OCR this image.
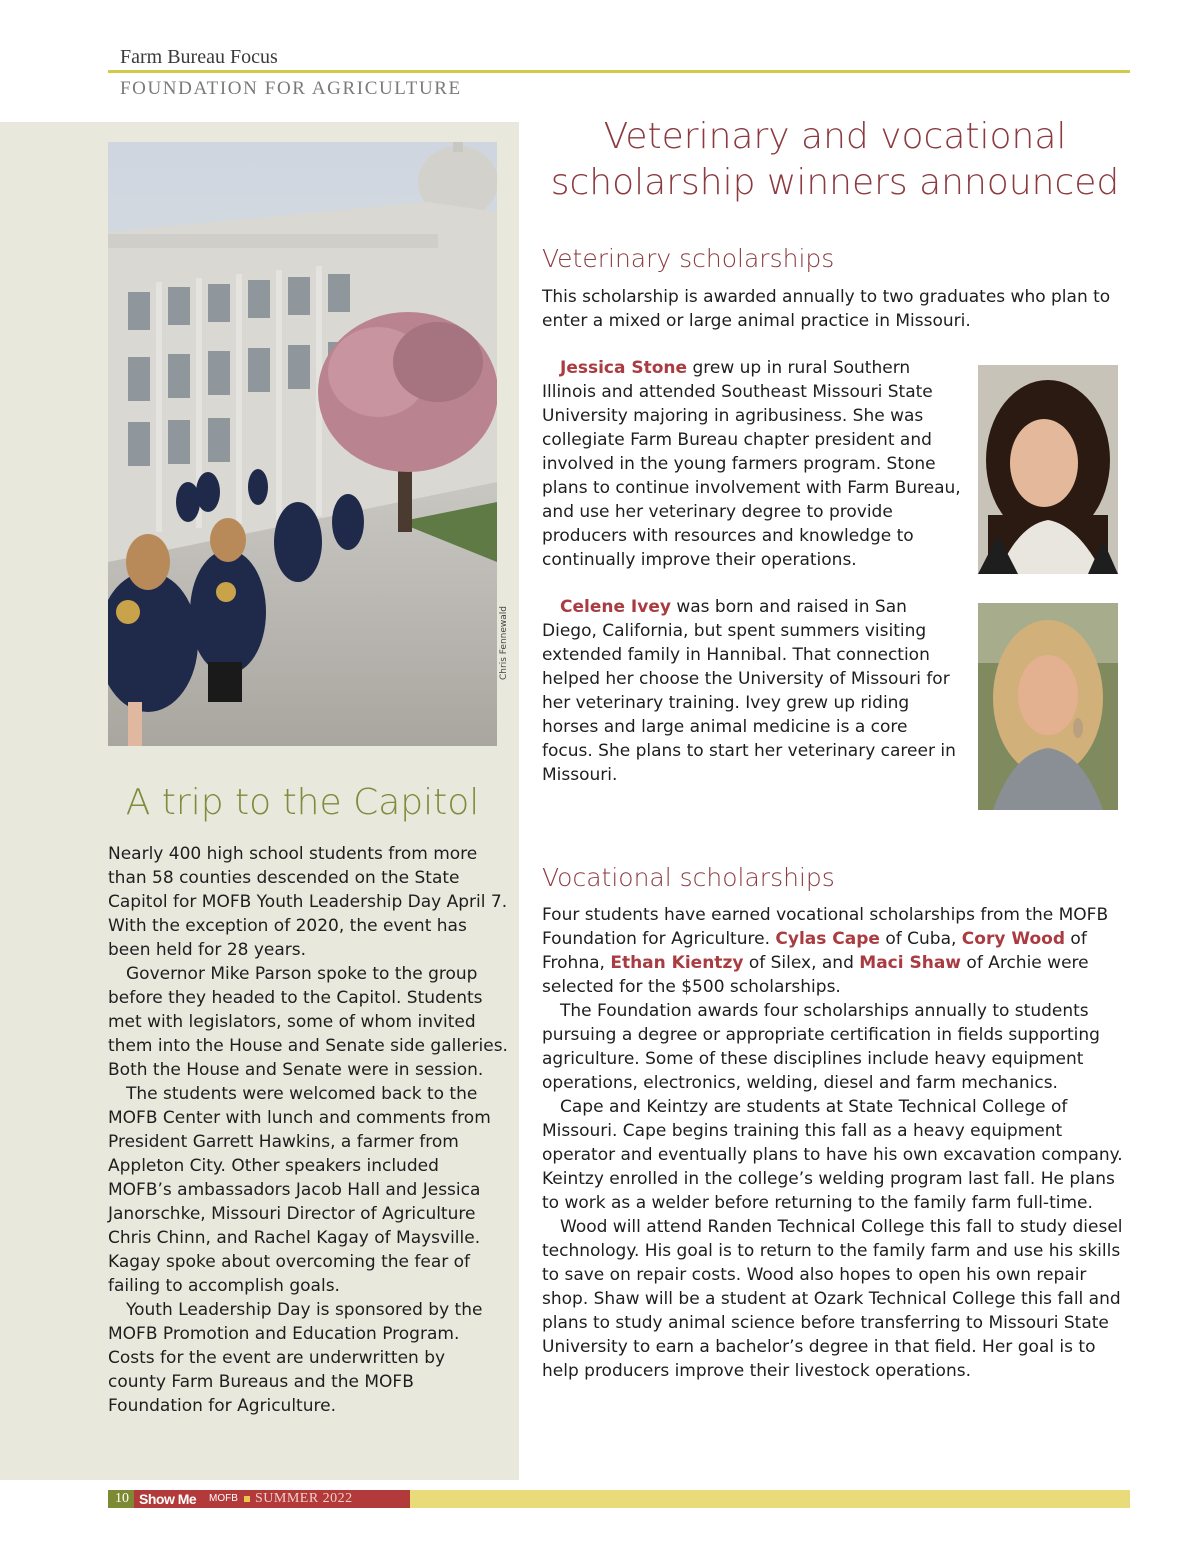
Farm Bureau Focus
FOUNDATION FOR AGRICULTURE
Chris Fennewald
A trip to the Capitol

Nearly 400 high school students from more than 58 counties descended on the State Capitol for MOFB Youth Leadership Day April 7. With the exception of 2020, the event has been held for 28 years.

Governor Mike Parson spoke to the group before they headed to the Capitol. Students met with legislators, some of whom invited them into the House and Senate side galleries. Both the House and Senate were in session.

The students were welcomed back to the MOFB Center with lunch and comments from President Garrett Hawkins, a farmer from Appleton City. Other speakers included MOFB’s ambassadors Jacob Hall and Jessica Janorschke, Missouri Director of Agriculture Chris Chinn, and Rachel Kagay of Maysville. Kagay spoke about overcoming the fear of failing to accomplish goals.

Youth Leadership Day is sponsored by the MOFB Promotion and Education Program. Costs for the event are underwritten by county Farm Bureaus and the MOFB Foundation for Agriculture.

Veterinary and vocational scholarship winners announced
Veterinary scholarships
This scholarship is awarded annually to two graduates who plan to enter a mixed or large animal practice in Missouri.

Jessica Stone grew up in rural Southern Illinois and attended Southeast Missouri State University majoring in agribusiness. She was collegiate Farm Bureau chapter president and involved in the young farmers program. Stone plans to continue involvement with Farm Bureau, and use her veterinary degree to provide producers with resources and knowledge to continually improve their operations.

Celene Ivey was born and raised in San Diego, California, but spent summers visiting extended family in Hannibal. That connection helped her choose the University of Missouri for her veterinary training. Ivey grew up riding horses and large animal medicine is a core focus. She plans to start her veterinary career in Missouri.

Vocational scholarships

Four students have earned vocational scholarships from the MOFB Foundation for Agriculture. Cylas Cape of Cuba, Cory Wood of Frohna, Ethan Kientzy of Silex, and Maci Shaw of Archie were selected for the $500 scholarships.

The Foundation awards four scholarships annually to students pursuing a degree or appropriate certification in fields supporting agriculture. Some of these disciplines include heavy equipment operations, electronics, welding, diesel and farm mechanics.

Cape and Keintzy are students at State Technical College of Missouri. Cape begins training this fall as a heavy equipment operator and eventually plans to have his own excavation company. Keintzy enrolled in the college’s welding program last fall. He plans to work as a welder before returning to the family farm full-time.

Wood will attend Randen Technical College this fall to study diesel technology. His goal is to return to the family farm and use his skills to save on repair costs. Wood also hopes to open his own repair shop. Shaw will be a student at Ozark Technical College this fall and plans to study animal science before transferring to Missouri State University to earn a bachelor’s degree in that field. Her goal is to help producers improve their livestock operations.

10 Show Me MOFB SUMMER 2022
